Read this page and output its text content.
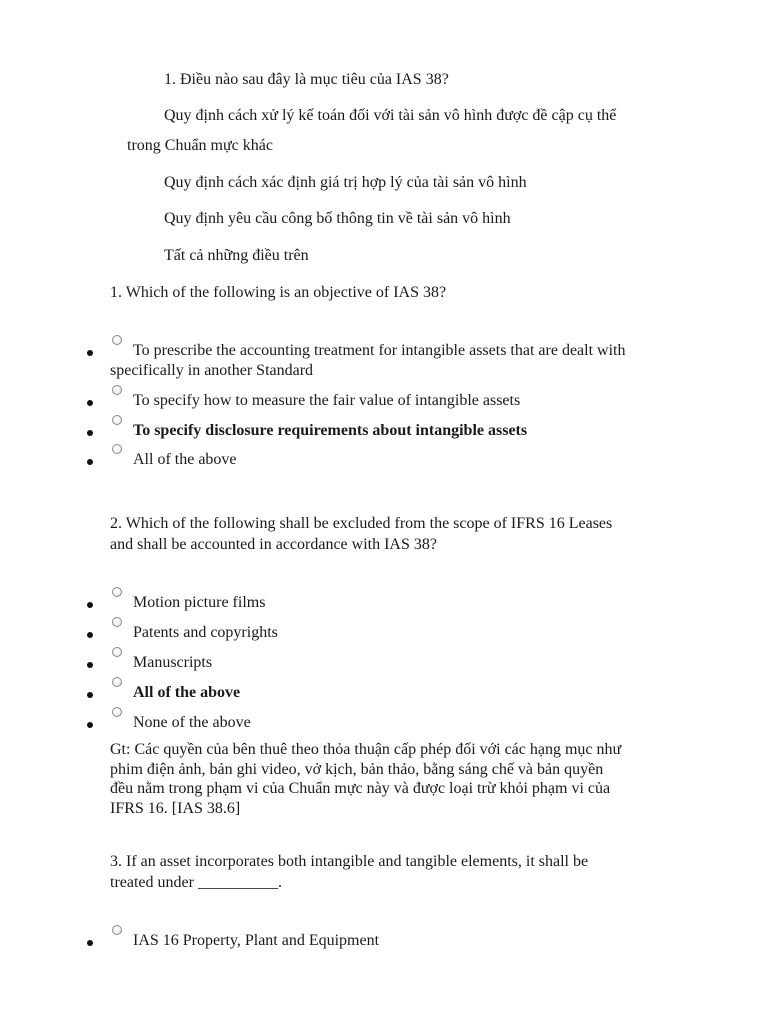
1. Điều nào sau đây là mục tiêu của IAS 38?
Quy định cách xử lý kế toán đối với tài sản vô hình được đề cập cụ thể
trong Chuẩn mực khác
Quy định cách xác định giá trị hợp lý của tài sản vô hình
Quy định yêu cầu công bố thông tin về tài sản vô hình
Tất cả những điều trên
1. Which of the following is an objective of IAS 38?
To prescribe the accounting treatment for intangible assets that are dealt with
specifically in another Standard
To specify how to measure the fair value of intangible assets
To specify disclosure requirements about intangible assets
All of the above
2. Which of the following shall be excluded from the scope of IFRS 16 Leases
and shall be accounted in accordance with IAS 38?
Motion picture films
Patents and copyrights
Manuscripts
All of the above
None of the above
Gt: Các quyền của bên thuê theo thỏa thuận cấp phép đối với các hạng mục như
phim điện ảnh, bản ghi video, vở kịch, bản thảo, bằng sáng chế và bản quyền
đều nằm trong phạm vi của Chuẩn mực này và được loại trừ khỏi phạm vi của
IFRS 16. [IAS 38.6]
3. If an asset incorporates both intangible and tangible elements, it shall be
treated under __________.
IAS 16 Property, Plant and Equipment
